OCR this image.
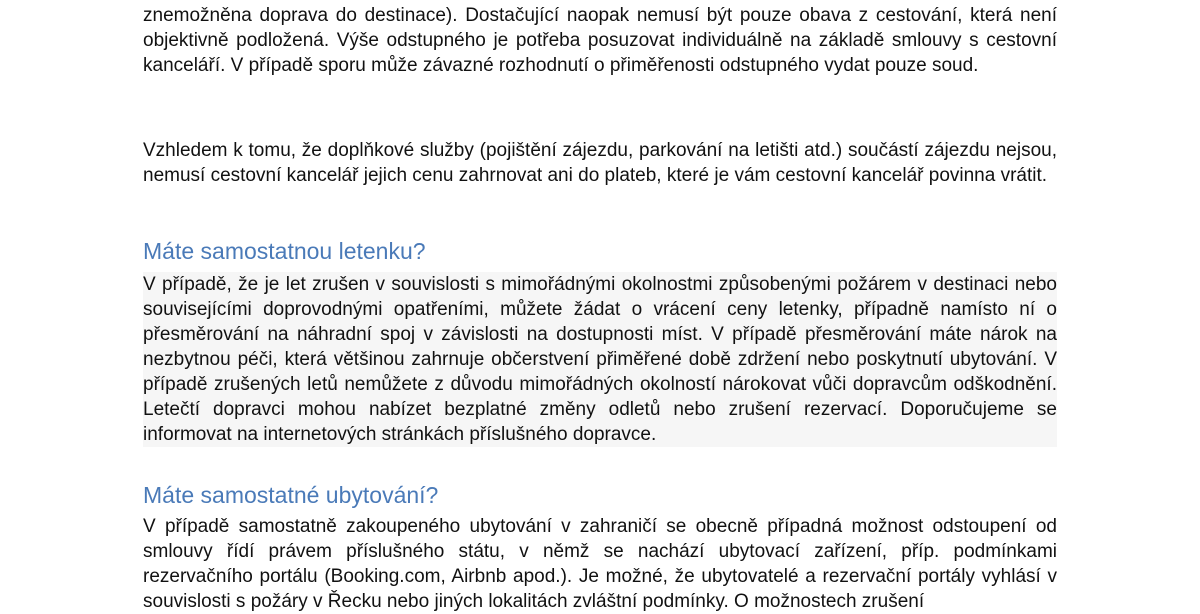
znemožněna doprava do destinace). Dostačující naopak nemusí být pouze obava z cestování, která není objektivně podložená. Výše odstupného je potřeba posuzovat individuálně na základě smlouvy s cestovní kanceláří. V případě sporu může závazné rozhodnutí o přiměřenosti odstupného vydat pouze soud.

Vzhledem k tomu, že doplňkové služby (pojištění zájezdu, parkování na letišti atd.) součástí zájezdu nejsou, nemusí cestovní kancelář jejich cenu zahrnovat ani do plateb, které je vám cestovní kancelář povinna vrátit.

Máte samostatnou letenku?

V případě, že je let zrušen v souvislosti s mimořádnými okolnostmi způsobenými požárem v destinaci nebo souvisejícími doprovodnými opatřeními, můžete žádat o vrácení ceny letenky, případně namísto ní o přesměrování na náhradní spoj v závislosti na dostupnosti míst. V případě přesměrování máte nárok na nezbytnou péči, která většinou zahrnuje občerstvení přiměřené době zdržení nebo poskytnutí ubytování. V případě zrušených letů nemůžete z důvodu mimořádných okolností nárokovat vůči dopravcům odškodnění. Letečtí dopravci mohou nabízet bezplatné změny odletů nebo zrušení rezervací. Doporučujeme se informovat na internetových stránkách příslušného dopravce.

Máte samostatné ubytování?

V případě samostatně zakoupeného ubytování v zahraničí se obecně případná možnost odstoupení od smlouvy řídí právem příslušného státu, v němž se nachází ubytovací zařízení, příp. podmínkami rezervačního portálu (Booking.com, Airbnb apod.). Je možné, že ubytovatelé a rezervační portály vyhlásí v souvislosti s požáry v Řecku nebo jiných lokalitách zvláštní podmínky. O možnostech zrušení
